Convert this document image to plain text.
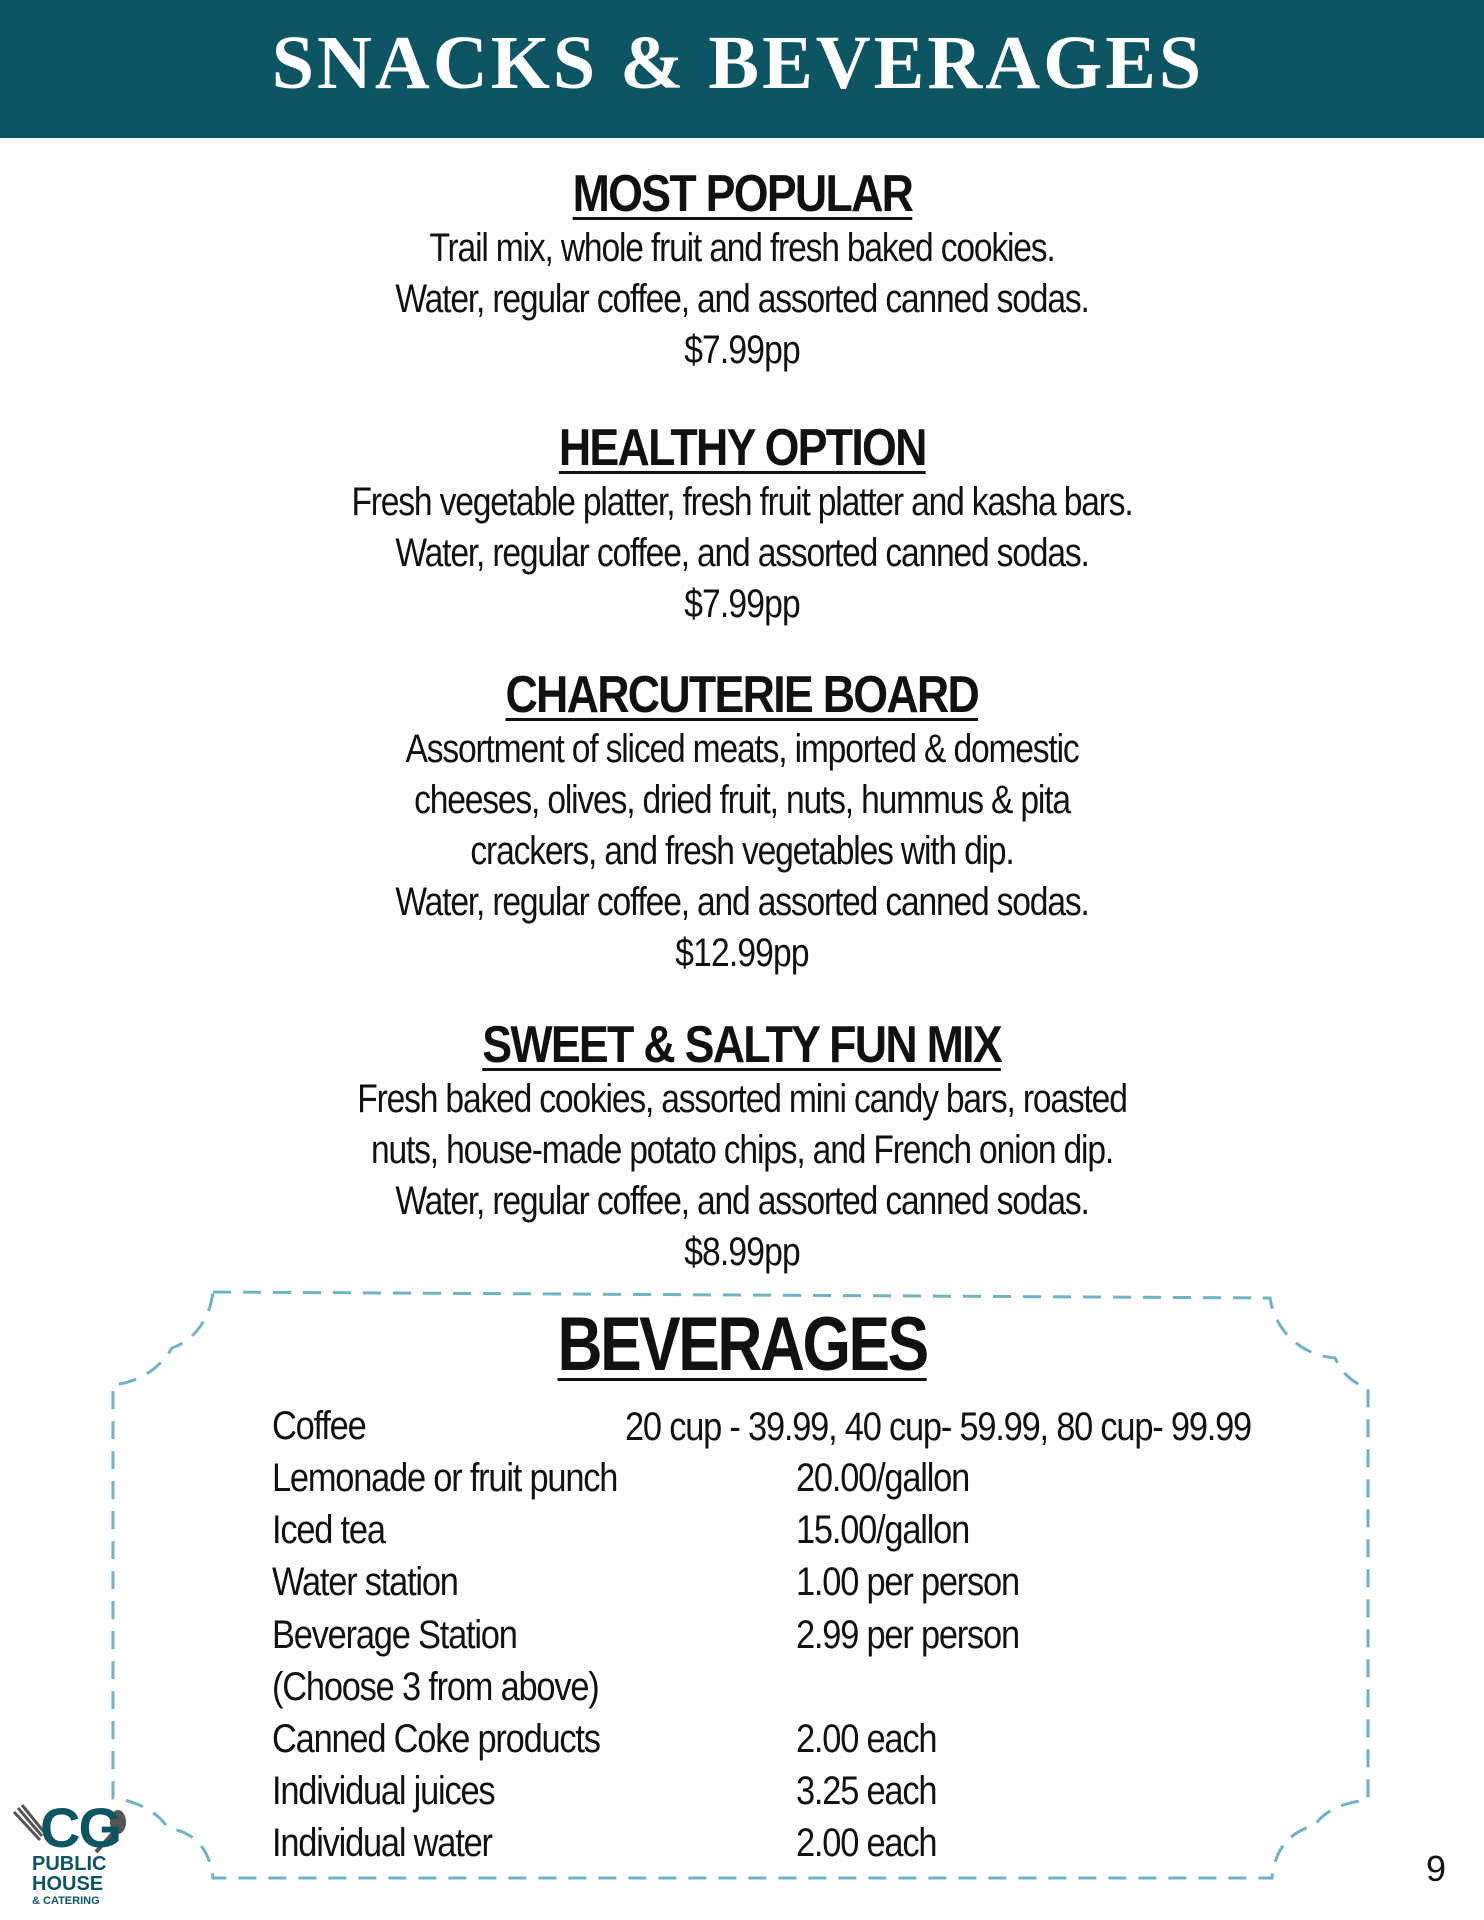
SNACKS & BEVERAGES
MOST POPULAR
Trail mix, whole fruit and fresh baked cookies.
Water, regular coffee, and assorted canned sodas.
$7.99pp
HEALTHY OPTION
Fresh vegetable platter, fresh fruit platter and kasha bars.
Water, regular coffee, and assorted canned sodas.
$7.99pp
CHARCUTERIE BOARD
Assortment of sliced meats, imported & domestic
cheeses, olives, dried fruit, nuts, hummus & pita
crackers, and fresh vegetables with dip.
Water, regular coffee, and assorted canned sodas.
$12.99pp
SWEET & SALTY FUN MIX
Fresh baked cookies, assorted mini candy bars, roasted
nuts, house-made potato chips, and French onion dip.
Water, regular coffee, and assorted canned sodas.
$8.99pp
BEVERAGES
Coffee	20 cup - 39.99, 40 cup- 59.99, 80 cup- 99.99
Lemonade or fruit punch	20.00/gallon
Iced tea	15.00/gallon
Water station	1.00 per person
Beverage Station	2.99 per person
(Choose 3 from above)
Canned Coke products	2.00 each
Individual juices	3.25 each
Individual water	2.00 each
CG
PUBLIC
HOUSE
& CATERING
9
